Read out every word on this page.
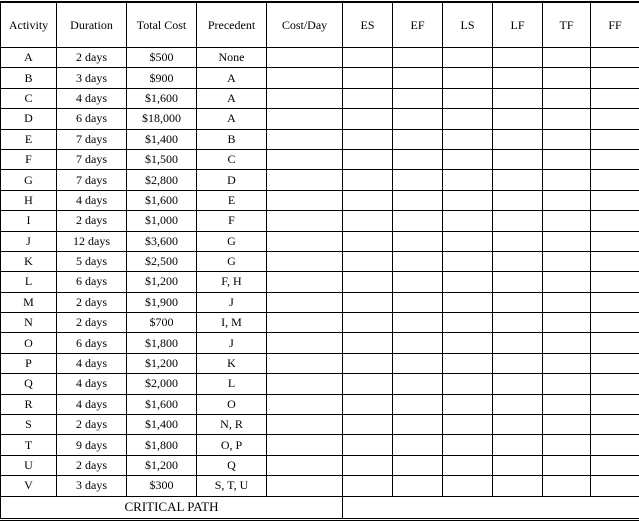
Activity	Duration	Total Cost	Precedent	Cost/Day	ES	EF	LS	LF	TF	FF
A	2 days	$500	None							
B	3 days	$900	A							
C	4 days	$1,600	A							
D	6 days	$18,000	A							
E	7 days	$1,400	B							
F	7 days	$1,500	C							
G	7 days	$2,800	D							
H	4 days	$1,600	E							
I	2 days	$1,000	F							
J	12 days	$3,600	G							
K	5 days	$2,500	G							
L	6 days	$1,200	F, H							
M	2 days	$1,900	J							
N	2 days	$700	I, M							
O	6 days	$1,800	J							
P	4 days	$1,200	K							
Q	4 days	$2,000	L							
R	4 days	$1,600	O							
S	2 days	$1,400	N, R							
T	9 days	$1,800	O, P							
U	2 days	$1,200	Q							
V	3 days	$300	S, T, U							
CRITICAL PATH										
